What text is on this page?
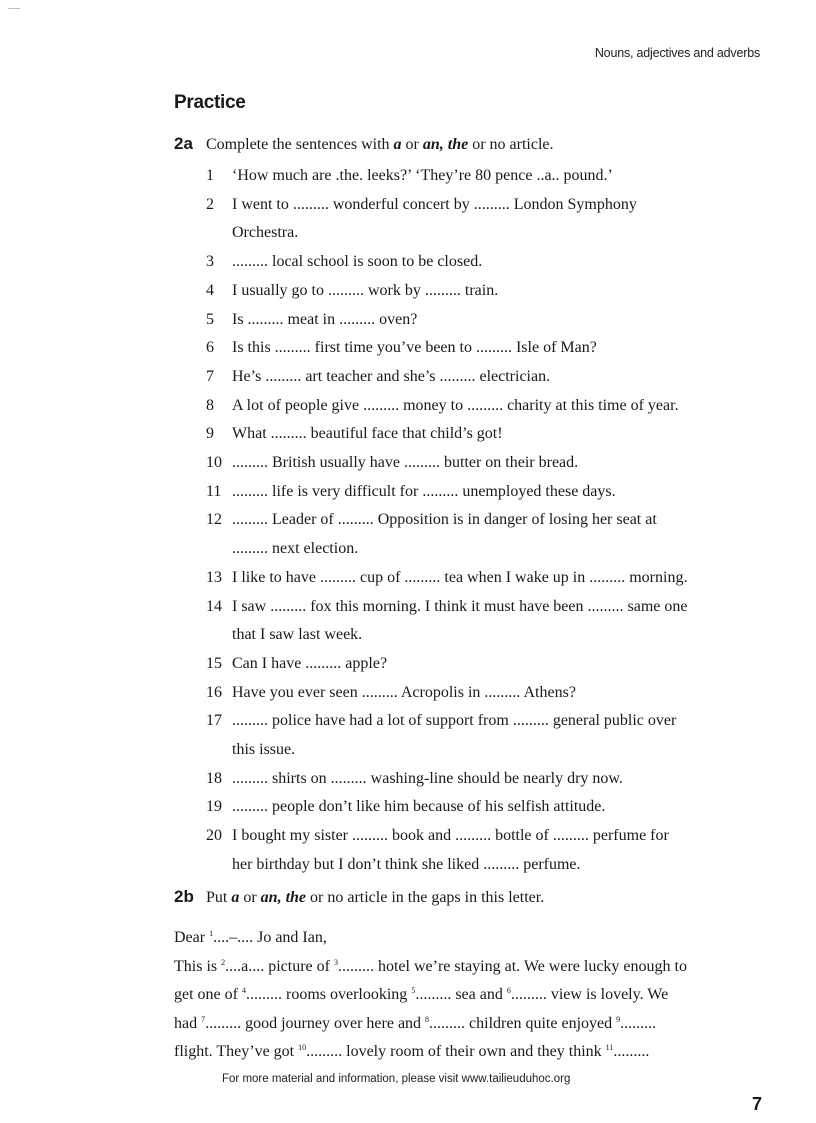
Nouns, adjectives and adverbs
Practice
2a Complete the sentences with a or an, the or no article.
1 ‘How much are .the. leeks?’ ‘They’re 80 pence ..a.. pound.’
2 I went to ......... wonderful concert by ......... London Symphony
Orchestra.
3 ......... local school is soon to be closed.
4 I usually go to ......... work by ......... train.
5 Is ......... meat in ......... oven?
6 Is this ......... first time you’ve been to ......... Isle of Man?
7 He’s ......... art teacher and she’s ......... electrician.
8 A lot of people give ......... money to ......... charity at this time of year.
9 What ......... beautiful face that child’s got!
10 ......... British usually have ......... butter on their bread.
11 ......... life is very difficult for ......... unemployed these days.
12 ......... Leader of ......... Opposition is in danger of losing her seat at
......... next election.
13 I like to have ......... cup of ......... tea when I wake up in ......... morning.
14 I saw ......... fox this morning. I think it must have been ......... same one
that I saw last week.
15 Can I have ......... apple?
16 Have you ever seen ......... Acropolis in ......... Athens?
17 ......... police have had a lot of support from ......... general public over
this issue.
18 ......... shirts on ......... washing-line should be nearly dry now.
19 ......... people don’t like him because of his selfish attitude.
20 I bought my sister ......... book and ......... bottle of ......... perfume for
her birthday but I don’t think she liked ......... perfume.
2b Put a or an, the or no article in the gaps in this letter.
Dear $^1$....–.... Jo and Ian,
This is $^2$....a.... picture of $^3$......... hotel we’re staying at. We were lucky enough to
get one of $^4$......... rooms overlooking $^5$......... sea and $^6$......... view is lovely. We
had $^7$......... good journey over here and $^8$......... children quite enjoyed $^9$.........
flight. They’ve got $^{10}$......... lovely room of their own and they think $^{11}$.........
For more material and information, please visit www.tailieuduhoc.org
7
